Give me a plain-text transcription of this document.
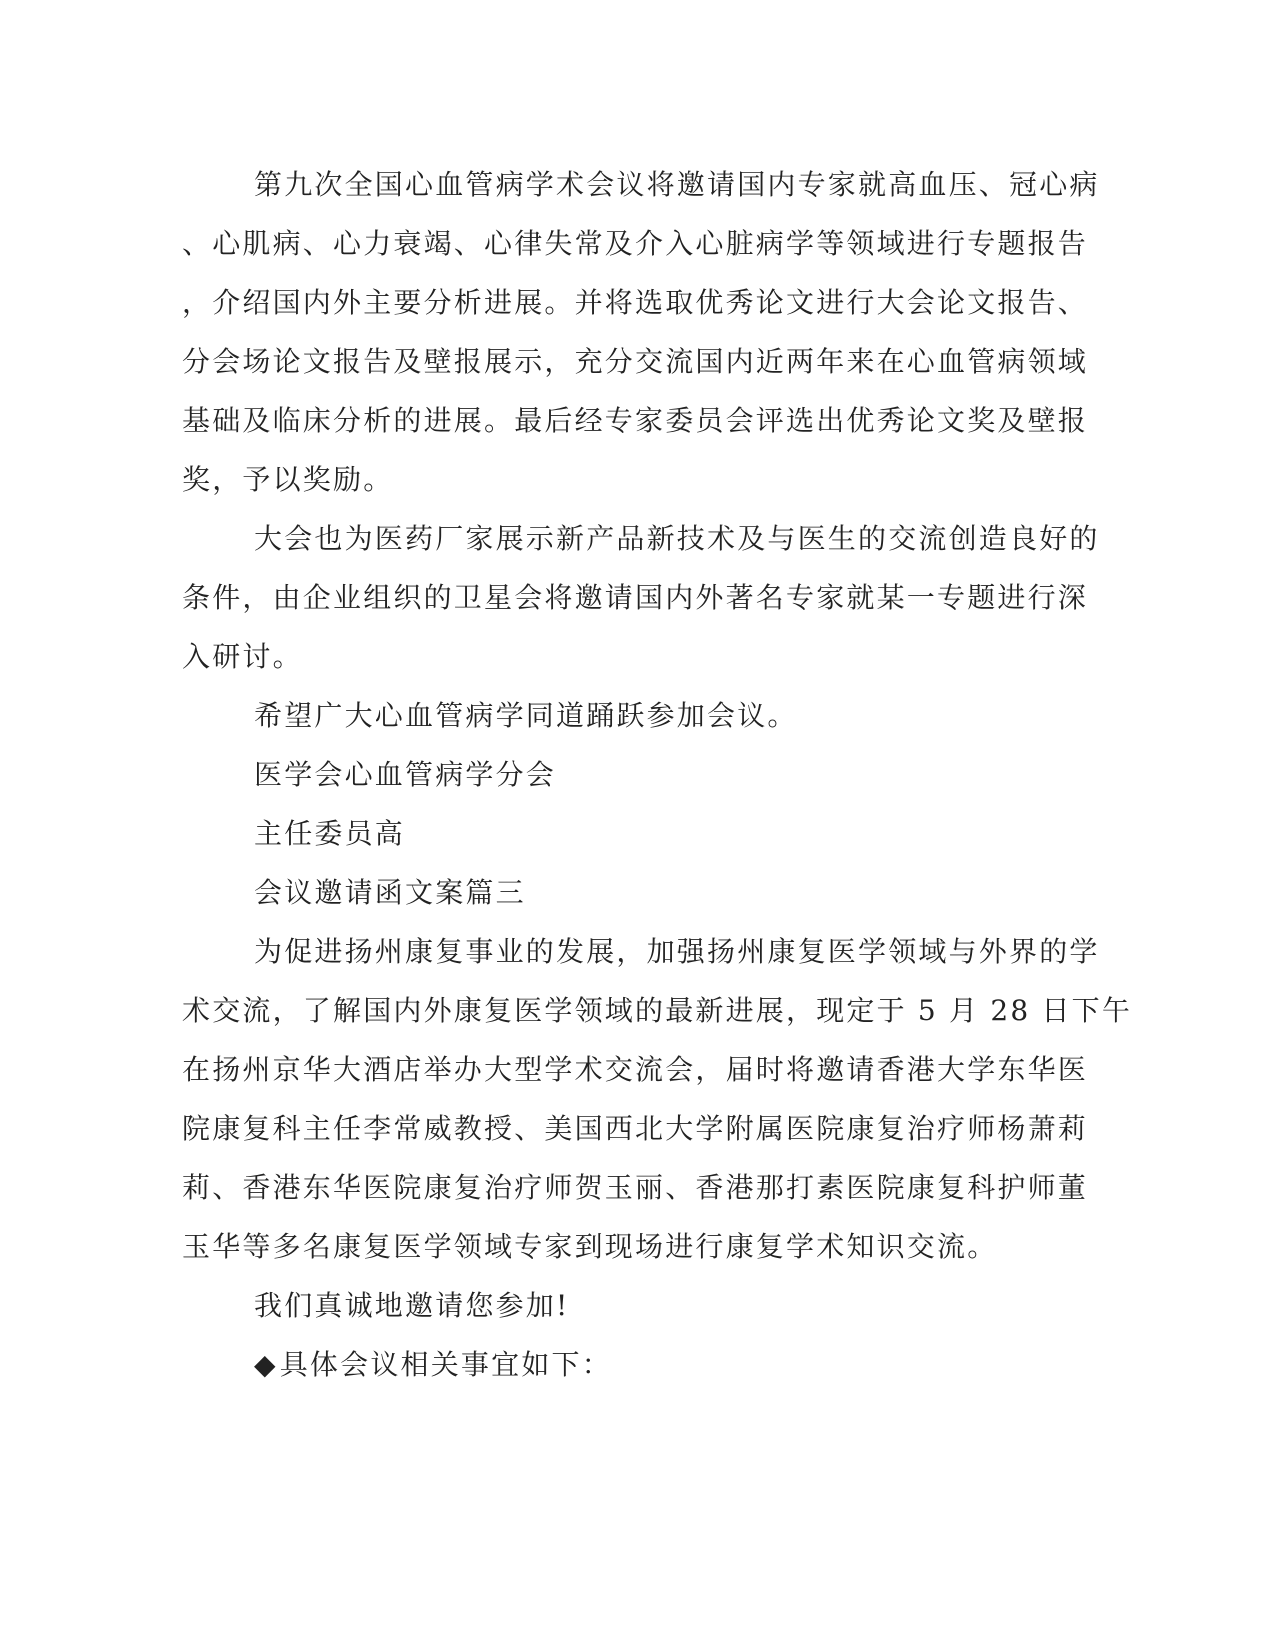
第九次全国心血管病学术会议将邀请国内专家就高血压、冠心病
、心肌病、心力衰竭、心律失常及介入心脏病学等领域进行专题报告
，介绍国内外主要分析进展。并将选取优秀论文进行大会论文报告、
分会场论文报告及壁报展示，充分交流国内近两年来在心血管病领域
基础及临床分析的进展。最后经专家委员会评选出优秀论文奖及壁报
奖，予以奖励。
大会也为医药厂家展示新产品新技术及与医生的交流创造良好的
条件，由企业组织的卫星会将邀请国内外著名专家就某一专题进行深
入研讨。
希望广大心血管病学同道踊跃参加会议。
医学会心血管病学分会
主任委员高
会议邀请函文案篇三
为促进扬州康复事业的发展，加强扬州康复医学领域与外界的学
术交流，了解国内外康复医学领域的最新进展，现定于 5 月 28 日下午
在扬州京华大酒店举办大型学术交流会，届时将邀请香港大学东华医
院康复科主任李常威教授、美国西北大学附属医院康复治疗师杨萧莉
莉、香港东华医院康复治疗师贺玉丽、香港那打素医院康复科护师董
玉华等多名康复医学领域专家到现场进行康复学术知识交流。
我们真诚地邀请您参加!
◆具体会议相关事宜如下：
